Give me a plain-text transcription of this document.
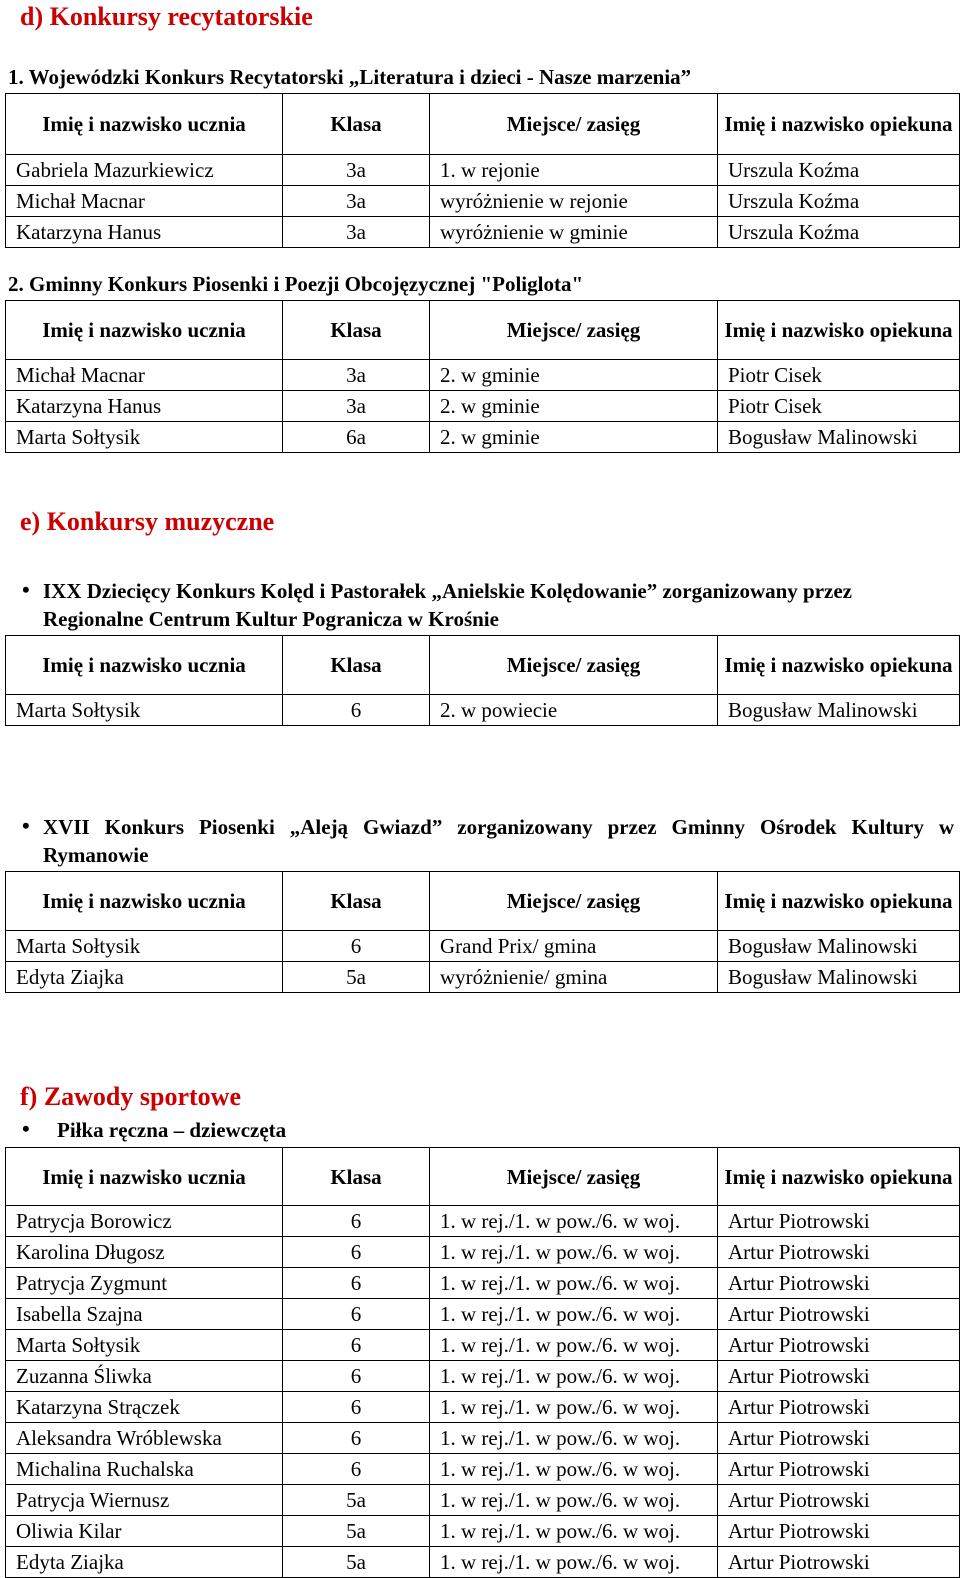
d) Konkursy recytatorskie
1. Wojewódzki Konkurs Recytatorski „Literatura i dzieci - Nasze marzenia”
Imię i nazwisko ucznia	Klasa	Miejsce/ zasięg	Imię i nazwisko opiekuna
Gabriela Mazurkiewicz	3a	1. w rejonie	Urszula Koźma
Michał Macnar	3a	wyróżnienie w rejonie	Urszula Koźma
Katarzyna Hanus	3a	wyróżnienie w gminie	Urszula Koźma
2. Gminny Konkurs Piosenki i Poezji Obcojęzycznej "Poliglota"
Imię i nazwisko ucznia	Klasa	Miejsce/ zasięg	Imię i nazwisko opiekuna
Michał Macnar	3a	2. w gminie	Piotr Cisek
Katarzyna Hanus	3a	2. w gminie	Piotr Cisek
Marta Sołtysik	6a	2. w gminie	Bogusław Malinowski
e) Konkursy muzyczne
• IXX Dziecięcy Konkurs Kolęd i Pastorałek „Anielskie Kolędowanie” zorganizowany przez Regionalne Centrum Kultur Pogranicza w Krośnie
Imię i nazwisko ucznia	Klasa	Miejsce/ zasięg	Imię i nazwisko opiekuna
Marta Sołtysik	6	2. w powiecie	Bogusław Malinowski
• XVII Konkurs Piosenki „Aleją Gwiazd” zorganizowany przez Gminny Ośrodek Kultury w Rymanowie
Imię i nazwisko ucznia	Klasa	Miejsce/ zasięg	Imię i nazwisko opiekuna
Marta Sołtysik	6	Grand Prix/ gmina	Bogusław Malinowski
Edyta Ziajka	5a	wyróżnienie/ gmina	Bogusław Malinowski
f) Zawody sportowe
• Piłka ręczna – dziewczęta
Imię i nazwisko ucznia	Klasa	Miejsce/ zasięg	Imię i nazwisko opiekuna
Patrycja Borowicz	6	1. w rej./1. w pow./6. w woj.	Artur Piotrowski
Karolina Długosz	6	1. w rej./1. w pow./6. w woj.	Artur Piotrowski
Patrycja Zygmunt	6	1. w rej./1. w pow./6. w woj.	Artur Piotrowski
Isabella Szajna	6	1. w rej./1. w pow./6. w woj.	Artur Piotrowski
Marta Sołtysik	6	1. w rej./1. w pow./6. w woj.	Artur Piotrowski
Zuzanna Śliwka	6	1. w rej./1. w pow./6. w woj.	Artur Piotrowski
Katarzyna Strączek	6	1. w rej./1. w pow./6. w woj.	Artur Piotrowski
Aleksandra Wróblewska	6	1. w rej./1. w pow./6. w woj.	Artur Piotrowski
Michalina Ruchalska	6	1. w rej./1. w pow./6. w woj.	Artur Piotrowski
Patrycja Wiernusz	5a	1. w rej./1. w pow./6. w woj.	Artur Piotrowski
Oliwia Kilar	5a	1. w rej./1. w pow./6. w woj.	Artur Piotrowski
Edyta Ziajka	5a	1. w rej./1. w pow./6. w woj.	Artur Piotrowski
